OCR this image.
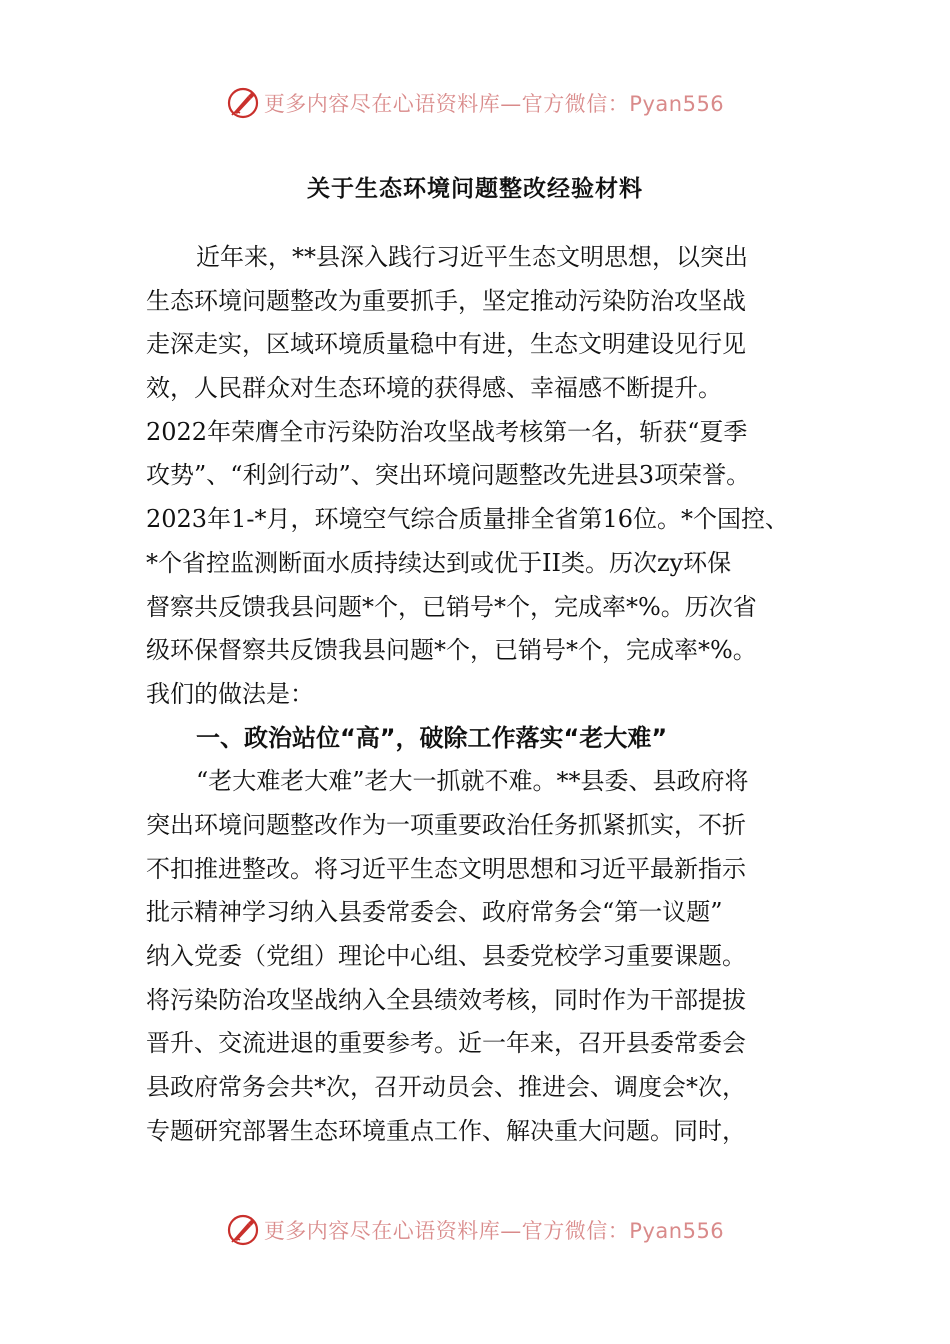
更多内容尽在心语资料库—官方微信：Pyan556
关于生态环境问题整改经验材料
近年来，**县深入践行习近平生态文明思想，以突出
生态环境问题整改为重要抓手，坚定推动污染防治攻坚战
走深走实，区域环境质量稳中有进，生态文明建设见行见
效，人民群众对生态环境的获得感、幸福感不断提升。
2022年荣膺全市污染防治攻坚战考核第一名，斩获“夏季
攻势”、“利剑行动”、突出环境问题整改先进县3项荣誉。
2023年1-*月，环境空气综合质量排全省第16位。*个国控、
*个省控监测断面水质持续达到或优于II类。历次zy环保
督察共反馈我县问题*个，已销号*个，完成率*%。历次省
级环保督察共反馈我县问题*个，已销号*个，完成率*%。
我们的做法是：
一、政治站位“高”，破除工作落实“老大难”
“老大难老大难”老大一抓就不难。**县委、县政府将
突出环境问题整改作为一项重要政治任务抓紧抓实，不折
不扣推进整改。将习近平生态文明思想和习近平最新指示
批示精神学习纳入县委常委会、政府常务会“第一议题”
纳入党委（党组）理论中心组、县委党校学习重要课题。
将污染防治攻坚战纳入全县绩效考核，同时作为干部提拔
晋升、交流进退的重要参考。近一年来，召开县委常委会
县政府常务会共*次，召开动员会、推进会、调度会*次，
专题研究部署生态环境重点工作、解决重大问题。同时，
更多内容尽在心语资料库—官方微信：Pyan556
